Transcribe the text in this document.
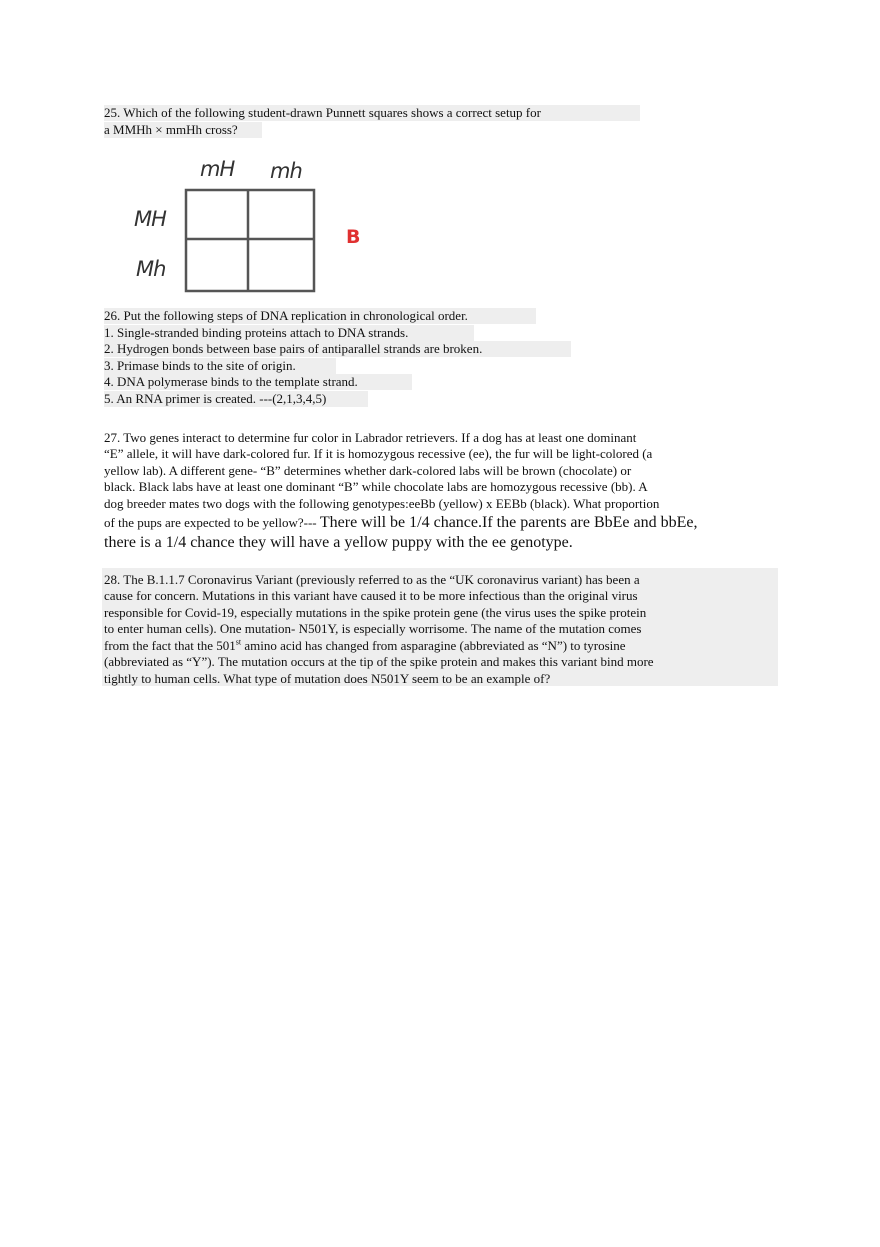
25. Which of the following student-drawn Punnett squares shows a correct setup for
a MMHh × mmHh cross?
mH mh
MH
Mh
B
26. Put the following steps of DNA replication in chronological order.
1. Single-stranded binding proteins attach to DNA strands.
2. Hydrogen bonds between base pairs of antiparallel strands are broken.
3. Primase binds to the site of origin.
4. DNA polymerase binds to the template strand.
5. An RNA primer is created. ---(2,1,3,4,5)
27. Two genes interact to determine fur color in Labrador retrievers. If a dog has at least one dominant
“E” allele, it will have dark-colored fur. If it is homozygous recessive (ee), the fur will be light-colored (a
yellow lab). A different gene- “B” determines whether dark-colored labs will be brown (chocolate) or
black. Black labs have at least one dominant “B” while chocolate labs are homozygous recessive (bb). A
dog breeder mates two dogs with the following genotypes:eeBb (yellow) x EEBb (black). What proportion
of the pups are expected to be yellow?--- There will be 1/4 chance.If the parents are BbEe and bbEe,
there is a 1/4 chance they will have a yellow puppy with the ee genotype.
28. The B.1.1.7 Coronavirus Variant (previously referred to as the “UK coronavirus variant) has been a
cause for concern. Mutations in this variant have caused it to be more infectious than the original virus
responsible for Covid-19, especially mutations in the spike protein gene (the virus uses the spike protein
to enter human cells). One mutation- N501Y, is especially worrisome. The name of the mutation comes
from the fact that the 501st amino acid has changed from asparagine (abbreviated as “N”) to tyrosine
(abbreviated as “Y”). The mutation occurs at the tip of the spike protein and makes this variant bind more
tightly to human cells. What type of mutation does N501Y seem to be an example of?
